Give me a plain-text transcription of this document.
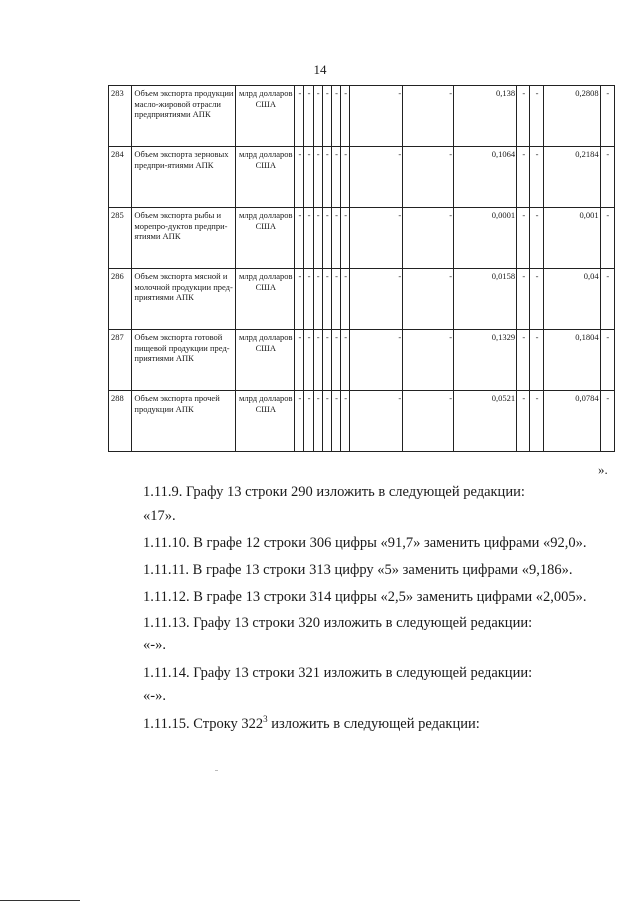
14
283	Объем экспорта продукции масло-жировой отрасли предприятиями АПК	млрд долларов США	-	-	-	-	-	-	-	-	0,138	-	-	0,2808	-
284	Объем экспорта зерновых предпри-ятиями АПК	млрд долларов США	-	-	-	-	-	-	-	-	0,1064	-	-	0,2184	-
285	Объем экспорта рыбы и морепро-дуктов предпри-ятиями АПК	млрд долларов США	-	-	-	-	-	-	-	-	0,0001	-	-	0,001	-
286	Объем экспорта мясной и молочной продукции пред-приятиями АПК	млрд долларов США	-	-	-	-	-	-	-	-	0,0158	-	-	0,04	-
287	Объем экспорта готовой пищевой продукции пред-приятиями АПК	млрд долларов США	-	-	-	-	-	-	-	-	0,1329	-	-	0,1804	-
288	Объем экспорта прочей продукции АПК	млрд долларов США	-	-	-	-	-	-	-	-	0,0521	-	-	0,0784	-
».
1.11.9. Графу 13 строки 290 изложить в следующей редакции:
«17».
1.11.10. В графе 12 строки 306 цифры «91,7» заменить цифрами «92,0».
1.11.11. В графе 13 строки 313 цифру «5» заменить цифрами «9,186».
1.11.12. В графе 13 строки 314 цифры «2,5» заменить цифрами «2,005».
1.11.13. Графу 13 строки 320 изложить в следующей редакции:
«-».
1.11.14. Графу 13 строки 321 изложить в следующей редакции:
«-».
1.11.15. Строку $322^3$ изложить в следующей редакции:
